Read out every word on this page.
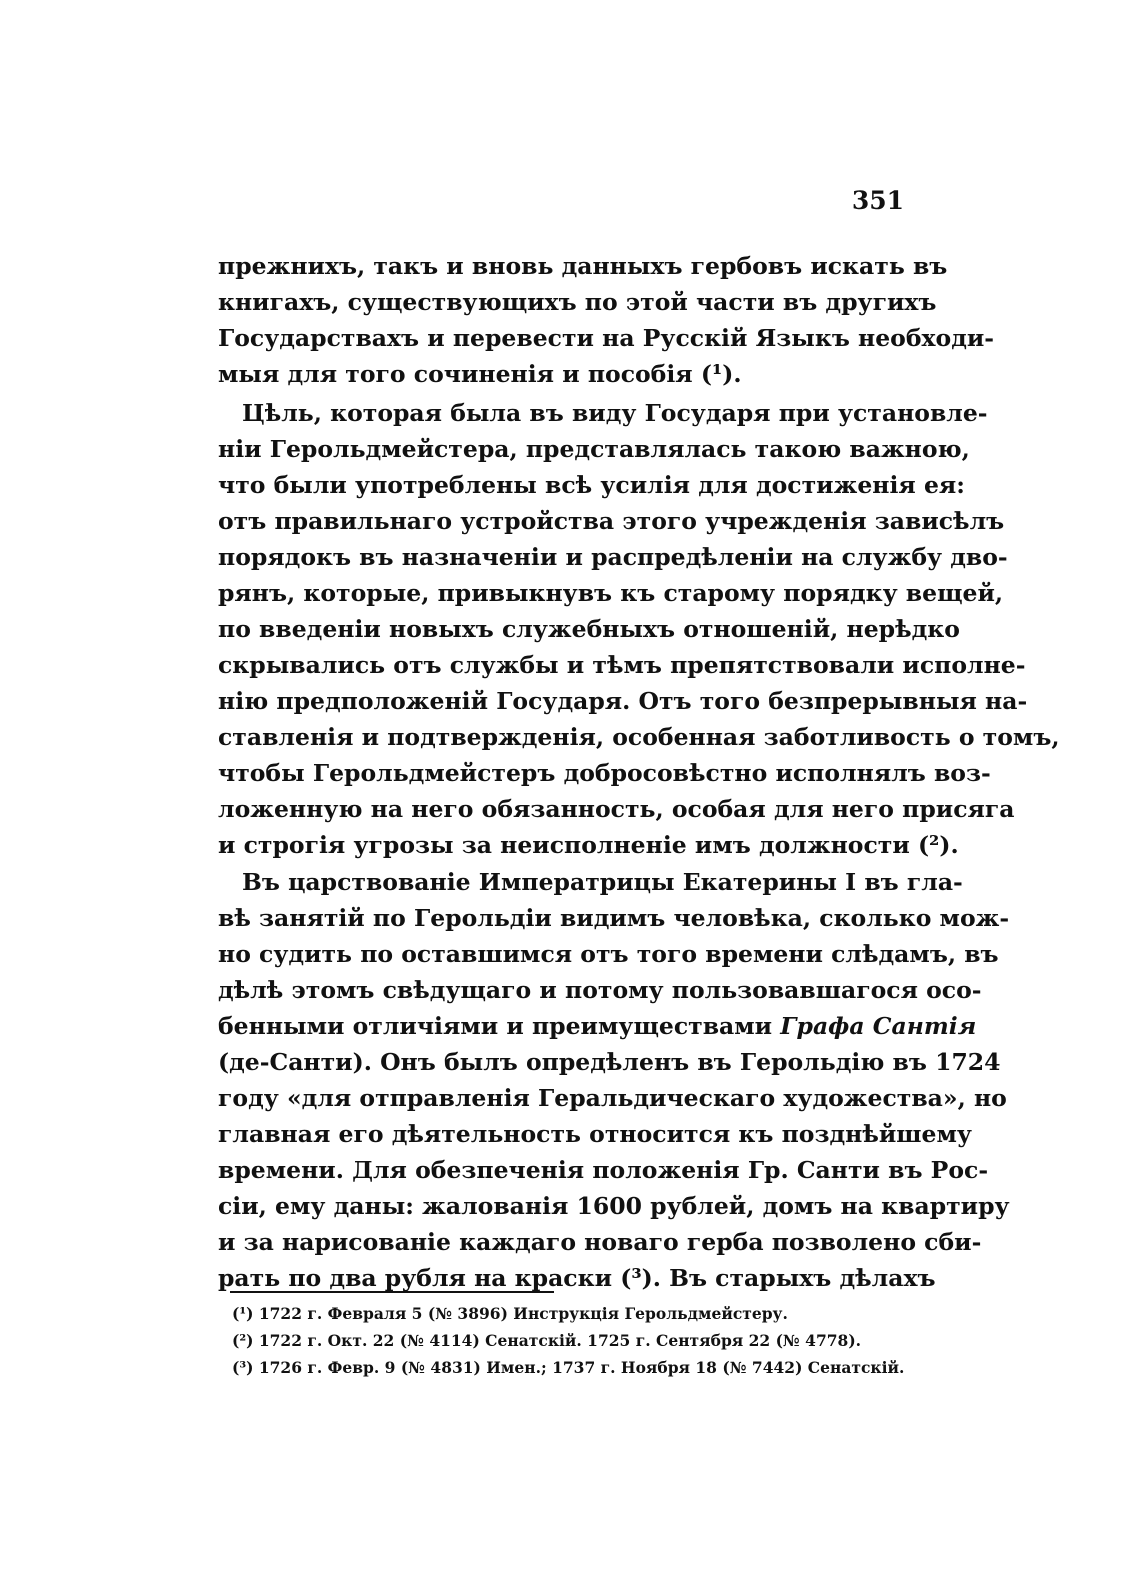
351
прежнихъ, такъ и вновь данныхъ гербовъ искать въ
книгахъ, существующихъ по этой части въ другихъ
Государствахъ и перевести на Русскій Языкъ необходи-
мыя для того сочиненія и пособія (¹).
Цѣль, которая была въ виду Государя при установле-
ніи Герольдмейстера, представлялась такою важною,
что были употреблены всѣ усилія для достиженія ея:
отъ правильнаго устройства этого учрежденія зависѣлъ
порядокъ въ назначеніи и распредѣленіи на службу дво-
рянъ, которые, привыкнувъ къ старому порядку вещей,
по введеніи новыхъ служебныхъ отношеній, нерѣдко
скрывались отъ службы и тѣмъ препятствовали исполне-
нію предположеній Государя. Отъ того безпрерывныя на-
ставленія и подтвержденія, особенная заботливость о томъ,
чтобы Герольдмейстеръ добросовѣстно исполнялъ воз-
ложенную на него обязанность, особая для него присяга
и строгія угрозы за неисполненіе имъ должности (²).
Въ царствованіе Императрицы Екатерины I въ гла-
вѣ занятій по Герольдіи видимъ человѣка, сколько мож-
но судить по оставшимся отъ того времени слѣдамъ, въ
дѣлѣ этомъ свѣдущаго и потому пользовавшагося осо-
бенными отличіями и преимуществами Графа Сантія
(де-Санти). Онъ былъ опредѣленъ въ Герольдію въ 1724
году «для отправленія Геральдическаго художества», но
главная его дѣятельность относится къ позднѣйшему
времени. Для обезпеченія положенія Гр. Санти въ Рос-
сіи, ему даны: жалованія 1600 рублей, домъ на квартиру
и за нарисованіе каждаго новаго герба позволено сби-
рать по два рубля на краски (³). Въ старыхъ дѣлахъ
(¹) 1722 г. Февраля 5 (№ 3896) Инструкція Герольдмейстеру.
(²) 1722 г. Окт. 22 (№ 4114) Сенатскій. 1725 г. Сентября 22 (№ 4778).
(³) 1726 г. Февр. 9 (№ 4831) Имен.; 1737 г. Ноября 18 (№ 7442) Сенатскій.
